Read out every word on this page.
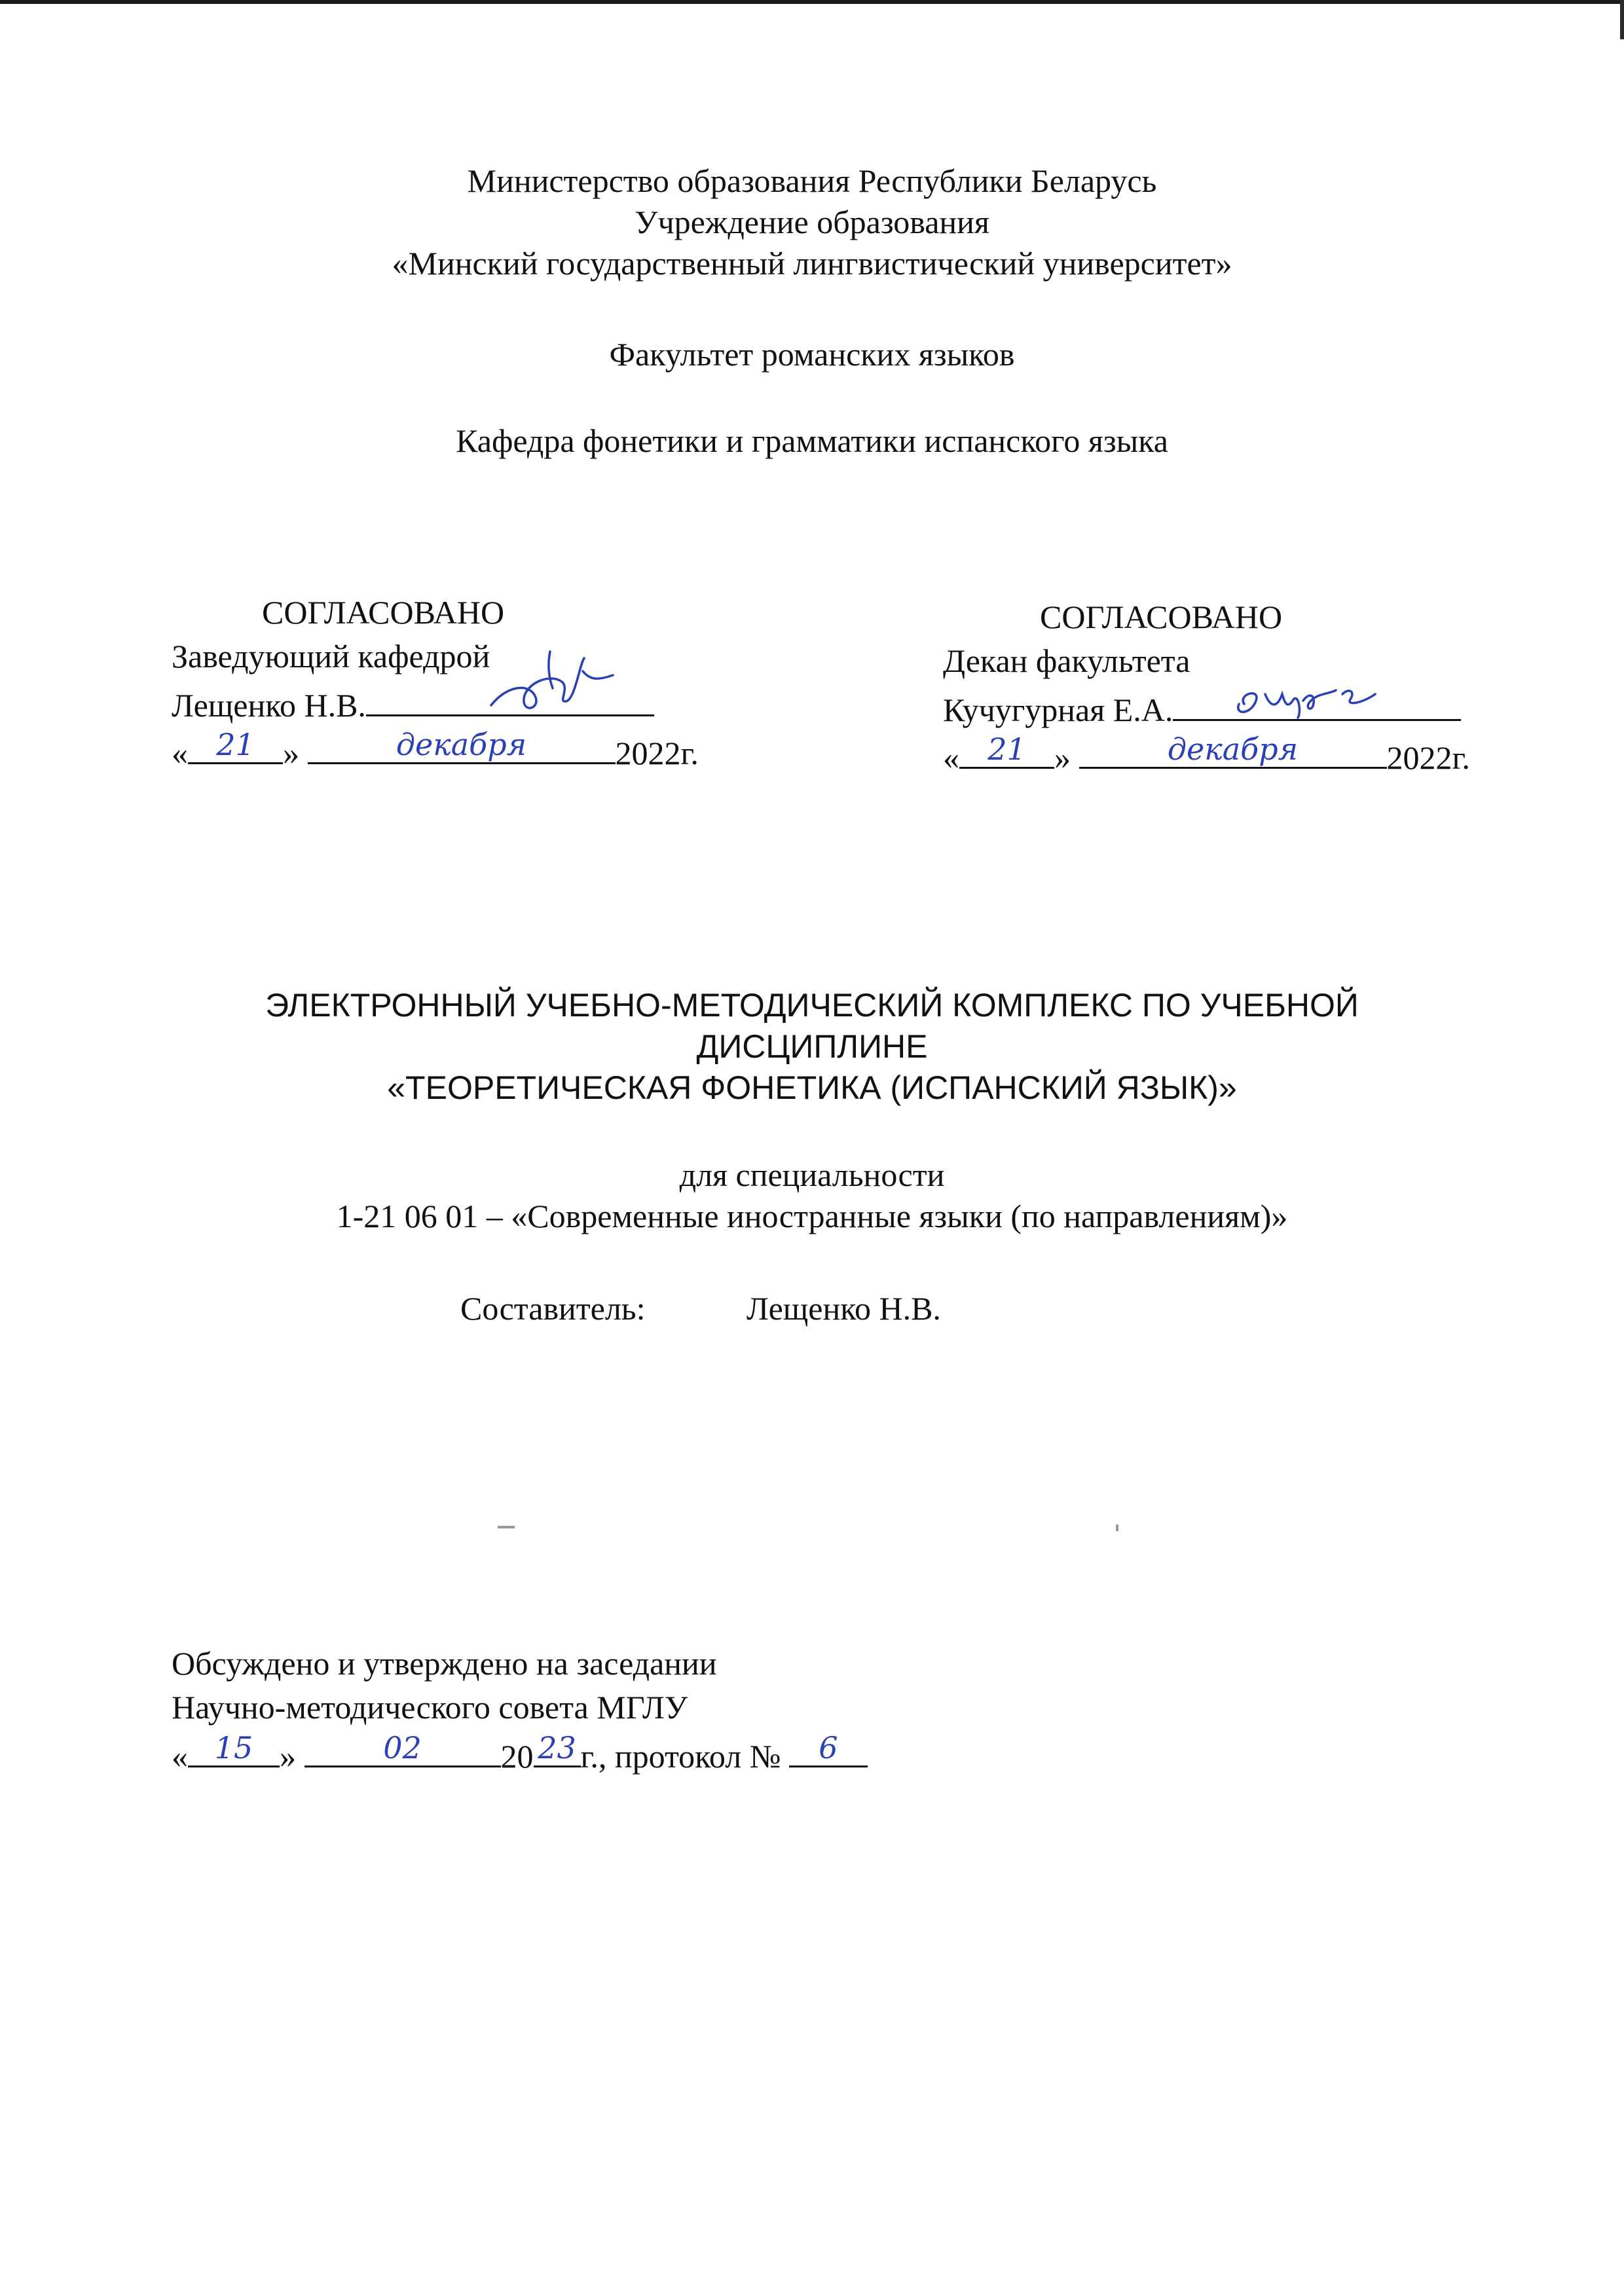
Министерство образования Республики Беларусь
Учреждение образования
«Минский государственный лингвистический университет»
Факультет романских языков
Кафедра фонетики и грамматики испанского языка
СОГЛАСОВАНО
Заведующий кафедрой
Лещенко Н.В.
« 21 »	декабря	2022г.
СОГЛАСОВАНО
Декан факультета
Кучугурная Е.А.
« 21 »	декабря	2022г.
ЭЛЕКТРОННЫЙ УЧЕБНО-МЕТОДИЧЕСКИЙ КОМПЛЕКС ПО УЧЕБНОЙ
ДИСЦИПЛИНЕ
«ТЕОРЕТИЧЕСКАЯ ФОНЕТИКА (ИСПАНСКИЙ ЯЗЫК)»
для специальности
1-21 06 01 – «Современные иностранные языки (по направлениям)»
Составитель:	Лещенко Н.В.
Обсуждено и утверждено на заседании
Научно-методического совета МГЛУ
« 15 »	02	20 23 г., протокол №	6
